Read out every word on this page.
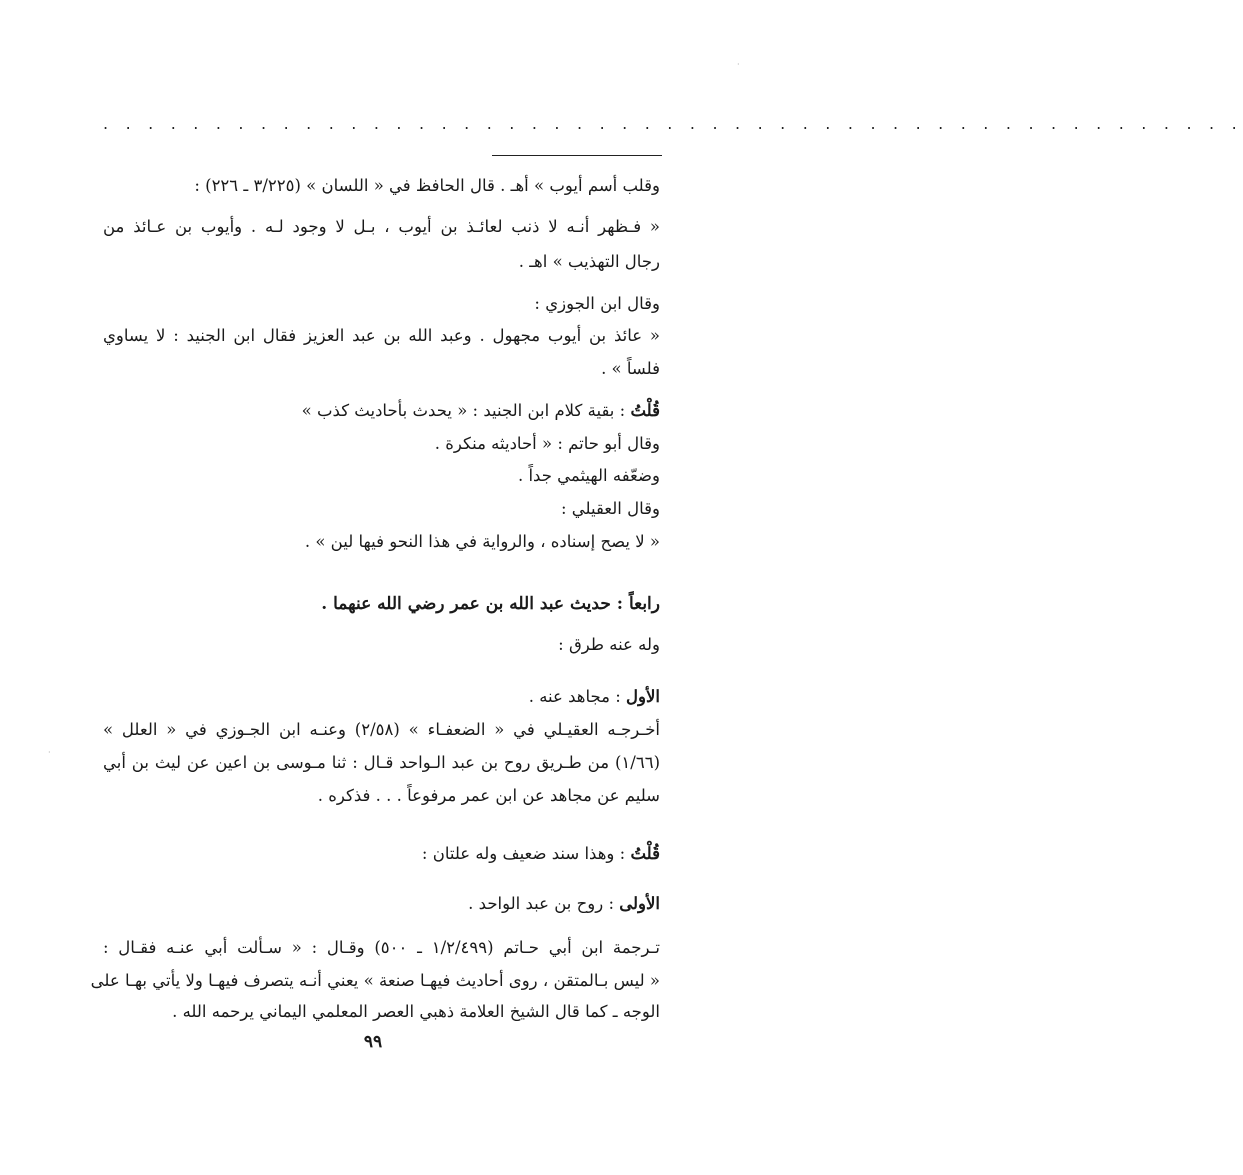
. . . . . . . . . . . . . . . . . . . . . . . . . . . . . . . . . . . . . . . . . . . . . . . . . . .
وقلب أسم أيوب » أهـ . قال الحافظ في « اللسان » (٣/٢٢٥ ـ ٢٢٦) :
« فـظهر أنـه لا ذنب لعائـذ بن أيوب ، بـل لا وجود لـه . وأيوب بن عـائذ من
رجال التهذيب » اهـ .
وقال ابن الجوزي :
« عائذ بن أيوب مجهول . وعبد الله بن عبد العزيز فقال ابن الجنيد : لا يساوي
فلساً » .
قُلْتُ : بقية كلام ابن الجنيد : « يحدث بأحاديث كذب »
وقال أبو حاتم : « أحاديثه منكرة .
وضعّفه الهيثمي جداً .
وقال العقيلي :
« لا يصح إسناده ، والرواية في هذا النحو فيها لين » .
رابعاً : حديث عبد الله بن عمر رضي الله عنهما .
وله عنه طرق :
الأول : مجاهد عنه .
أخـرجـه العقيـلي في « الضعفـاء » (٢/٥٨) وعنـه ابن الجـوزي في « العلل »
(١/٦٦) من طـريق روح بن عبد الـواحد قـال : ثنا مـوسى بن اعين عن ليث بن أبي
سليم عن مجاهد عن ابن عمر مرفوعاً . . . فذكره .
قُلْتُ : وهذا سند ضعيف وله علتان :
الأولى : روح بن عبد الواحد .
تـرجمة ابن أبي حـاتم (١/٢/٤٩٩ ـ ٥٠٠) وقـال : « سـألت أبي عنـه فقـال :
« ليس بـالمتقن ، روى أحاديث فيهـا صنعة » يعني أنـه يتصرف فيهـا ولا يأتي بهـا على
الوجه ـ كما قال الشيخ العلامة ذهبي العصر المعلمي اليماني يرحمه الله .
٩٩
·
·
